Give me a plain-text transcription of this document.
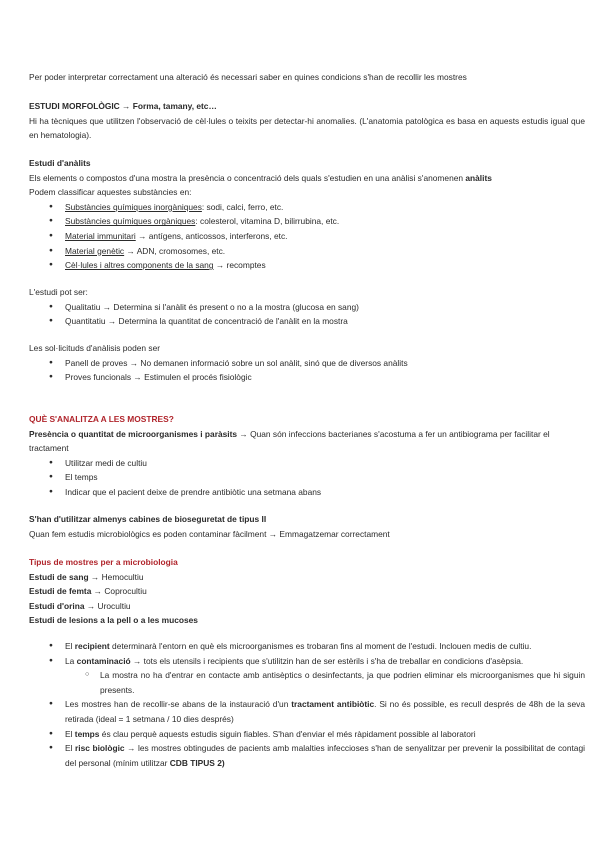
Per poder interpretar correctament una alteració és necessari saber en quines condicions s'han de recollir les mostres

ESTUDI MORFOLÒGIC → Forma, tamany, etc…

Hi ha tècniques que utilitzen l'observació de cèl·lules o teixits per detectar-hi anomalies. (L'anatomia patològica es basa en aquests estudis igual que en hematologia).

Estudi d'anàlits

Els elements o compostos d'una mostra la presència o concentració dels quals s'estudien en una anàlisi s'anomenen anàlits

Podem classificar aquestes substàncies en:

● Substàncies químiques inorgàniques: sodi, calci, ferro, etc.
● Substàncies químiques orgàniques: colesterol, vitamina D, bilirrubina, etc.
● Material immunitari → antígens, anticossos, interferons, etc.
● Material genètic → ADN, cromosomes, etc.
● Cèl·lules i altres components de la sang → recomptes

L'estudi pot ser:

● Qualitatiu → Determina si l'anàlit és present o no a la mostra (glucosa en sang)
● Quantitatiu → Determina la quantitat de concentració de l'anàlit en la mostra

Les sol·licituds d'anàlisis poden ser

● Panell de proves → No demanen informació sobre un sol anàlit, sinó que de diversos anàlits
● Proves funcionals → Estimulen el procés fisiològic

QUÈ S'ANALITZA A LES MOSTRES?

Presència o quantitat de microorganismes i paràsits → Quan són infeccions bacterianes s'acostuma a fer un antibiograma per facilitar el tractament

● Utilitzar medi de cultiu
● El temps
● Indicar que el pacient deixe de prendre antibiòtic una setmana abans

S'han d'utilitzar almenys cabines de bioseguretat de tipus II

Quan fem estudis microbiològics es poden contaminar fàcilment → Emmagatzemar correctament

Tipus de mostres per a microbiologia

Estudi de sang → Hemocultiu

Estudi de femta → Coprocultiu

Estudi d'orina → Urocultiu

Estudi de lesions a la pell o a les mucoses

● El recipient determinarà l'entorn en què els microorganismes es trobaran fins al moment de l'estudi. Inclouen medis de cultiu.
● La contaminació → tots els utensils i recipients que s'utilitzin han de ser estèrils i s'ha de treballar en condicions d'asèpsia.
○ La mostra no ha d'entrar en contacte amb antisèptics o desinfectants, ja que podrien eliminar els microorganismes que hi siguin presents.
● Les mostres han de recollir-se abans de la instauració d'un tractament antibiòtic. Si no és possible, es recull després de 48h de la seva retirada (ideal = 1 setmana / 10 dies després)
● El temps és clau perquè aquests estudis siguin fiables. S'han d'enviar el més ràpidament possible al laboratori
● El risc biològic → les mostres obtingudes de pacients amb malalties infeccioses s'han de senyalitzar per prevenir la possibilitat de contagi del personal (mínim utilitzar CDB TIPUS 2)
